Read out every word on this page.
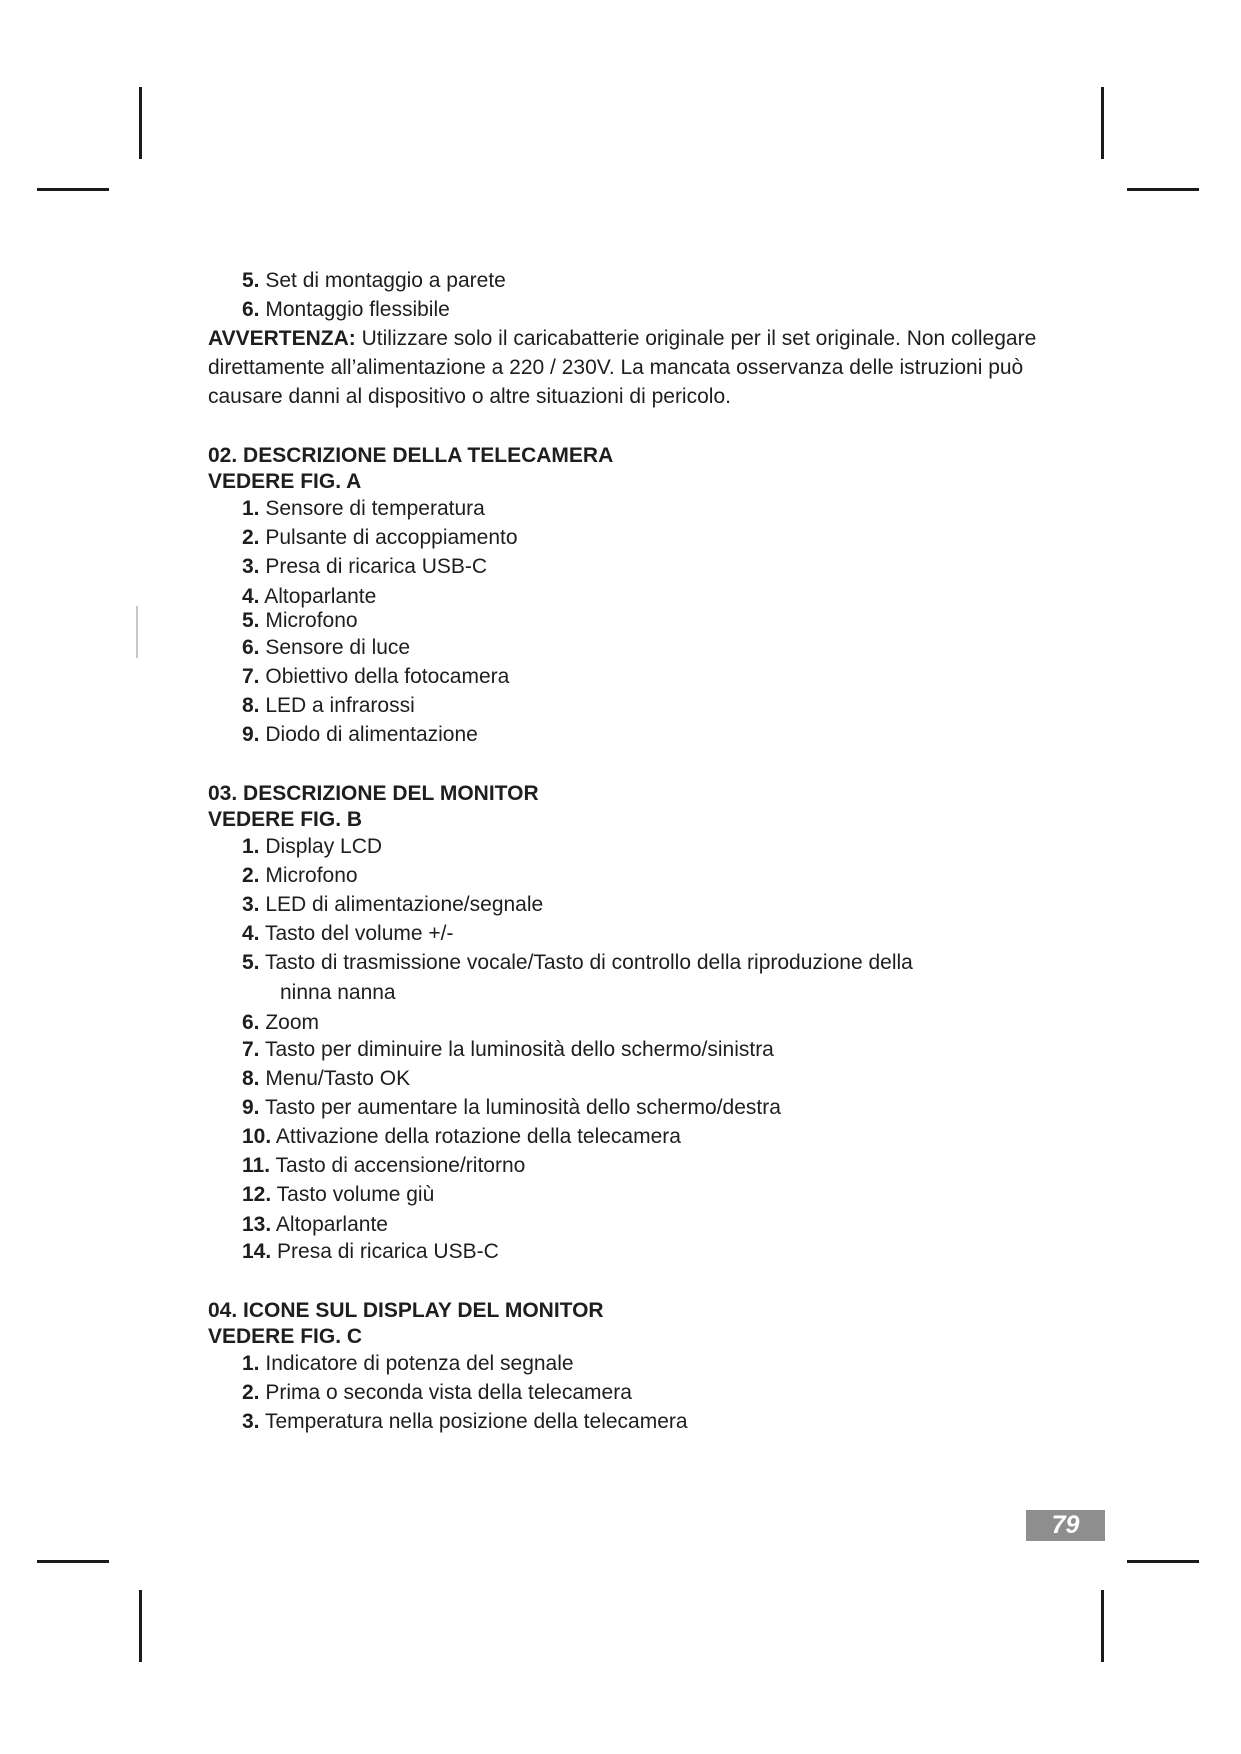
5. Set di montaggio a parete
6. Montaggio flessibile

AVVERTENZA: Utilizzare solo il caricabatterie originale per il set originale. Non collegare direttamente all’alimentazione a 220 / 230V. La mancata osservanza delle istruzioni può causare danni al dispositivo o altre situazioni di pericolo.

02. DESCRIZIONE DELLA TELECAMERA
VEDERE FIG. A
1. Sensore di temperatura
2. Pulsante di accoppiamento
3. Presa di ricarica USB-C
4. Altoparlante
5. Microfono
6. Sensore di luce
7. Obiettivo della fotocamera
8. LED a infrarossi
9. Diodo di alimentazione
03. DESCRIZIONE DEL MONITOR
VEDERE FIG. B
1. Display LCD
2. Microfono
3. LED di alimentazione/segnale
4. Tasto del volume +/-
5. Tasto di trasmissione vocale/Tasto di controllo della riproduzione della
ninna nanna
6. Zoom
7. Tasto per diminuire la luminosità dello schermo/sinistra
8. Menu/Tasto OK
9. Tasto per aumentare la luminosità dello schermo/destra
10. Attivazione della rotazione della telecamera
11. Tasto di accensione/ritorno
12. Tasto volume giù
13. Altoparlante
14. Presa di ricarica USB-C
04. ICONE SUL DISPLAY DEL MONITOR
VEDERE FIG. C
1. Indicatore di potenza del segnale
2. Prima o seconda vista della telecamera
3. Temperatura nella posizione della telecamera
79
